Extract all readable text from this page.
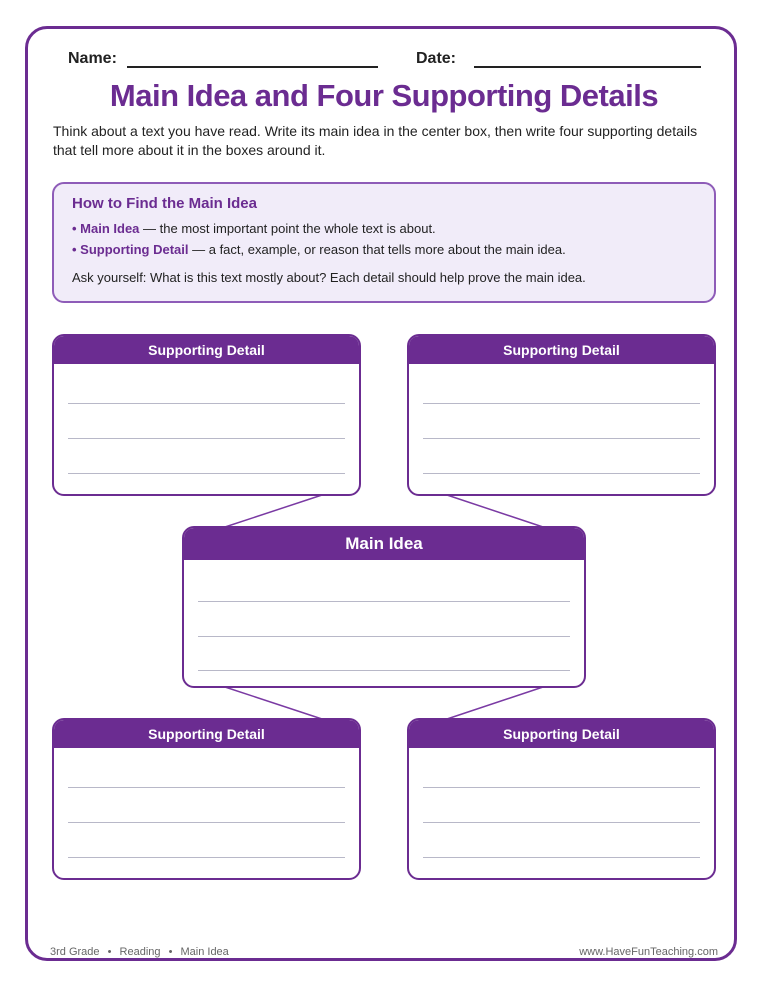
Name:	Date:
Main Idea and Four Supporting Details
Think about a text you have read. Write its main idea in the center box, then write four supporting details that tell more about it in the boxes around it.
How to Find the Main Idea
• Main Idea — the most important point the whole text is about.
• Supporting Detail — a fact, example, or reason that tells more about the main idea.
Ask yourself: What is this text mostly about? Each detail should help prove the main idea.
Supporting Detail	Supporting Detail
Main Idea
Supporting Detail	Supporting Detail
3rd Grade • Reading • Main Idea	www.HaveFunTeaching.com
